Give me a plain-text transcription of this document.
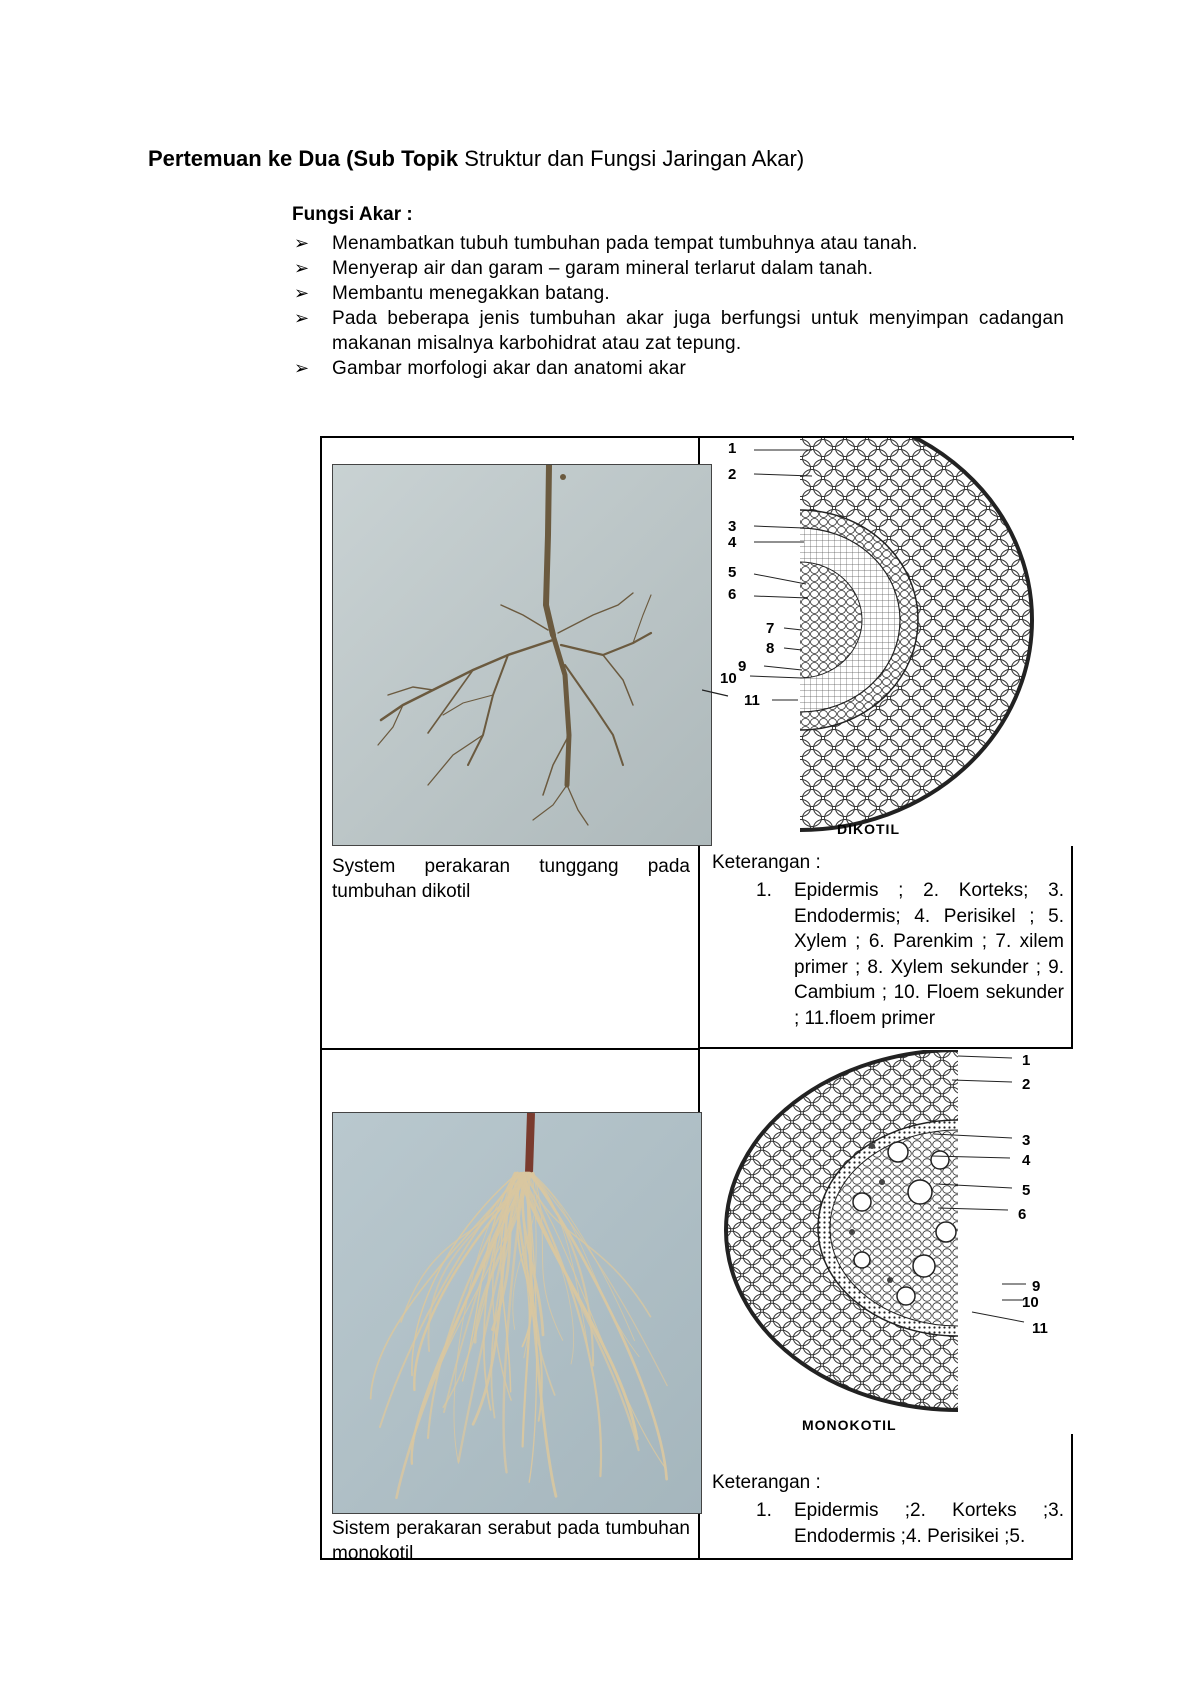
Pertemuan ke Dua (Sub Topik Struktur dan Fungsi Jaringan Akar)
Fungsi Akar :
➢ Menambatkan tubuh tumbuhan pada tempat tumbuhnya atau tanah.
➢ Menyerap air dan garam – garam mineral terlarut dalam tanah.
➢ Membantu menegakkan batang.
➢ Pada beberapa jenis tumbuhan akar juga berfungsi untuk menyimpan cadangan makanan misalnya karbohidrat atau zat tepung.
➢ Gambar morfologi akar dan anatomi akar
1
2
3
4
5
6
7
8
9
10
11
DIKOTIL
System perakaran tunggang pada tumbuhan dikotil
Keterangan :
1. Epidermis ; 2. Korteks; 3. Endodermis; 4. Perisikel ; 5. Xylem ; 6. Parenkim ; 7. xilem primer ; 8. Xylem sekunder ; 9. Cambium ; 10. Floem sekunder ; 11.floem primer
1
2
3
4
5
6
9
10
11
MONOKOTIL
Sistem perakaran serabut pada tumbuhan monokotil
Keterangan :
1. Epidermis ;2. Korteks ;3. Endodermis ;4. Perisikei ;5.
